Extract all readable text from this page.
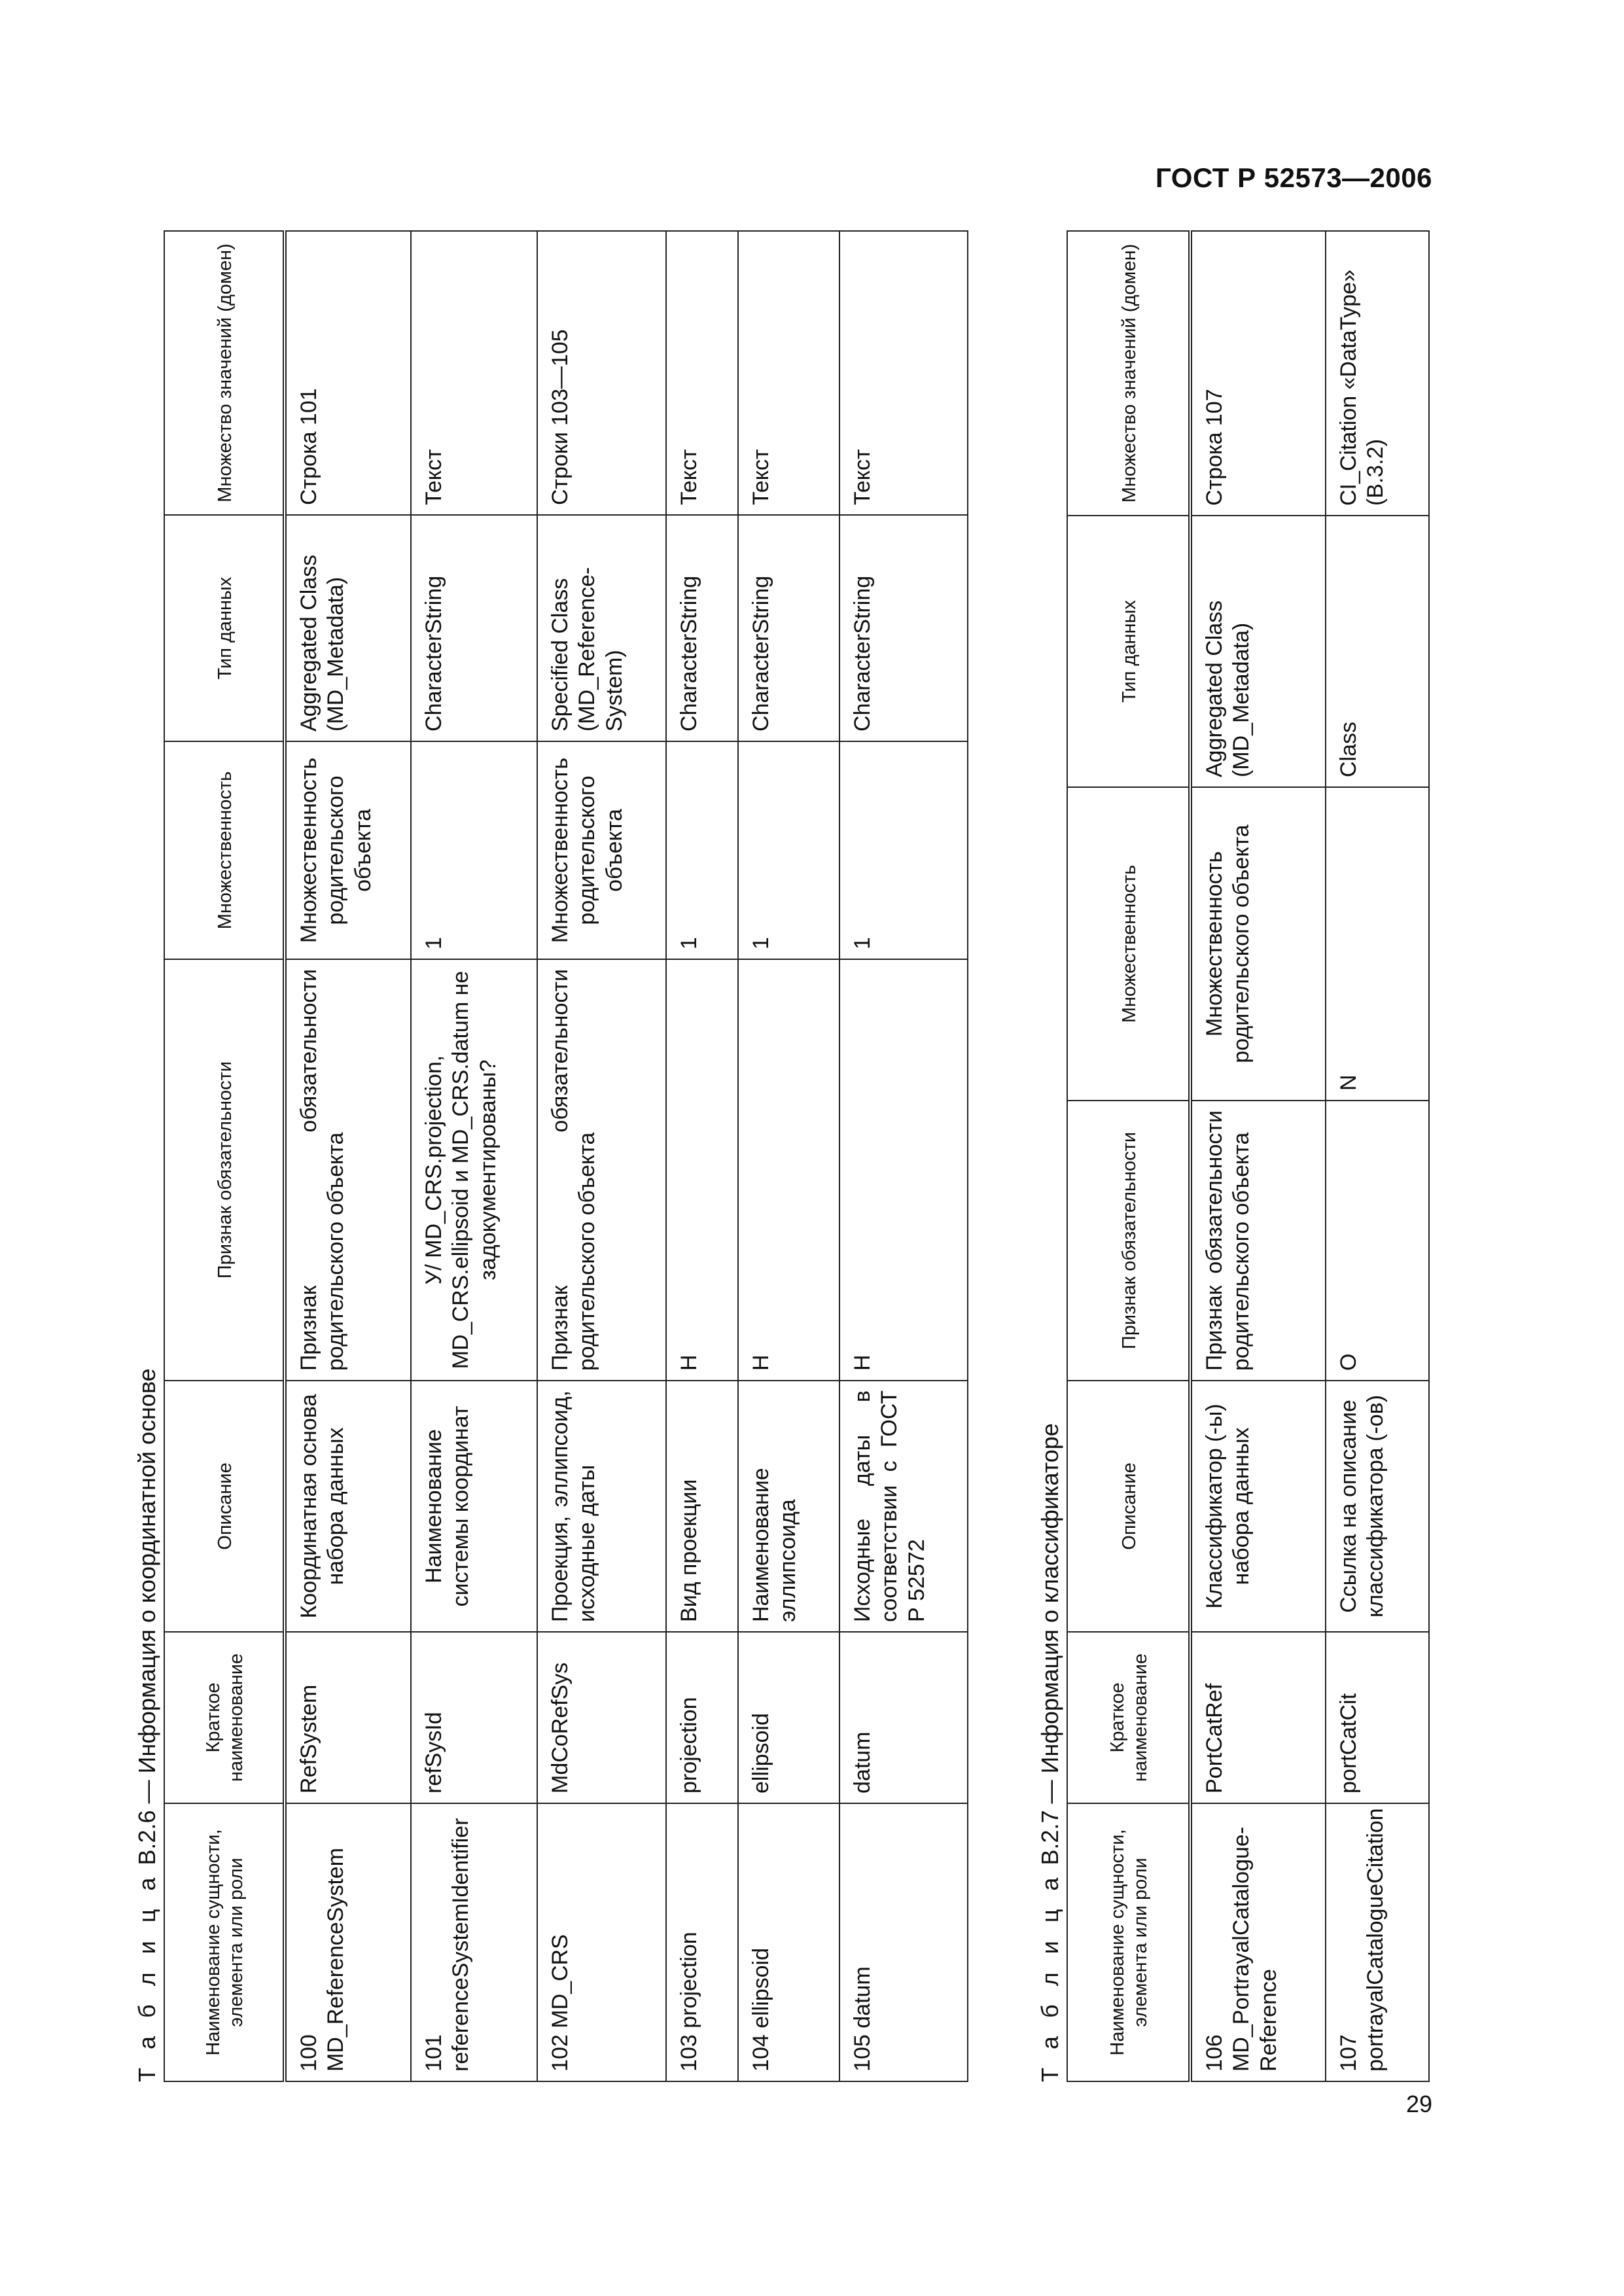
ГОСТ Р 52573—2006
Т а б л и ц а В.2.6 — Информация о координатной основе
Наименование сущности, элемента или роли	Краткое наименование	Описание	Признак обязательности	Множественность	Тип данных	Множество значений (домен)
100 MD_ReferenceSystem	RefSystem	Координатная основа набора данных	Признак обязательности родительского объекта	Множественность родительского объекта	Aggregated Class (MD_Metadata)	Строка 101
101 referenceSystemIdentifier	refSysId	Наименование системы координат	У/ MD_CRS.projection, MD_CRS.ellipsoid и MD_CRS.datum не задокументированы?	1	CharacterString	Текст
102 MD_CRS	MdCoRefSys	Проекция, эллипсоид, исходные даты	Признак обязательности родительского объекта	Множественность родительского объекта	Specified Class (MD_Reference-System)	Строки 103—105
103 projection	projection	Вид проекции	Н	1	CharacterString	Текст
104 ellipsoid	ellipsoid	Наименование эллипсоида	Н	1	CharacterString	Текст
105 datum	datum	Исходные даты в соответствии с ГОСТ Р 52572	Н	1	CharacterString	Текст
Т а б л и ц а В.2.7 — Информация о классификаторе
Наименование сущности, элемента или роли	Краткое наименование	Описание	Признак обязательности	Множественность	Тип данных	Множество значений (домен)
106 MD_PortrayalCatalogue-Reference	PortCatRef	Классификатор (-ы) набора данных	Признак обязательности родительского объекта	Множественность родительского объекта	Aggregated Class (MD_Metadata)	Строка 107
107 portrayalCatalogueCitation	portCatCit	Ссылка на описание классификатора (-ов)	О	N	Class	CI_Citation «DataType» (B.3.2)
29
